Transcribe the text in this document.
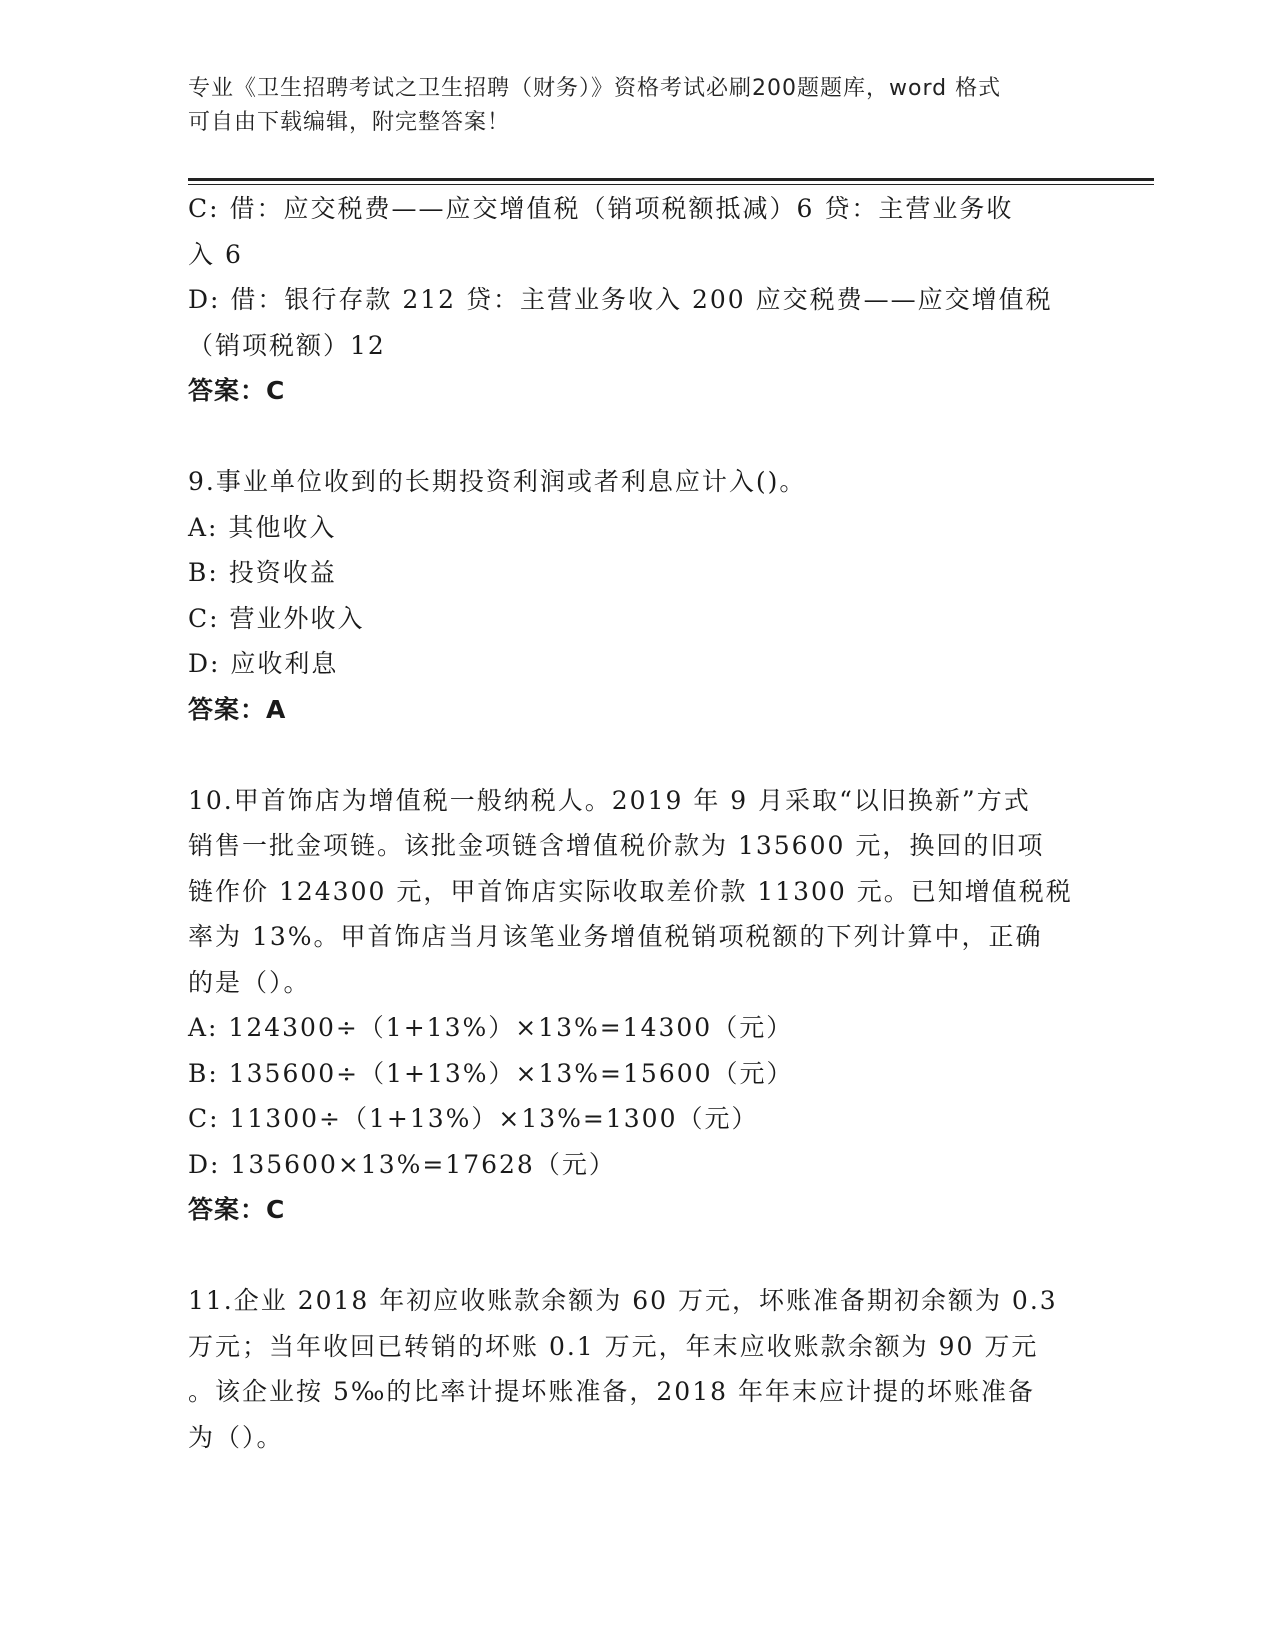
专业《卫生招聘考试之卫生招聘（财务）》资格考试必刷200题题库，word 格式
可自由下载编辑，附完整答案！
C: 借：应交税费——应交增值税（销项税额抵减）6 贷：主营业务收
入 6
D: 借：银行存款 212 贷：主营业务收入 200 应交税费——应交增值税
（销项税额）12
答案：C
9.事业单位收到的长期投资利润或者利息应计入()。
A: 其他收入
B: 投资收益
C: 营业外收入
D: 应收利息
答案：A
10.甲首饰店为增值税一般纳税人。2019 年 9 月采取“以旧换新”方式
销售一批金项链。该批金项链含增值税价款为 135600 元，换回的旧项
链作价 124300 元，甲首饰店实际收取差价款 11300 元。已知增值税税
率为 13%。甲首饰店当月该笔业务增值税销项税额的下列计算中，正确
的是（）。
A: 124300÷（1+13%）×13%=14300（元）
B: 135600÷（1+13%）×13%=15600（元）
C: 11300÷（1+13%）×13%=1300（元）
D: 135600×13%=17628（元）
答案：C
11.企业 2018 年初应收账款余额为 60 万元，坏账准备期初余额为 0.3
万元；当年收回已转销的坏账 0.1 万元，年末应收账款余额为 90 万元
。该企业按 5‰的比率计提坏账准备，2018 年年末应计提的坏账准备
为（）。
